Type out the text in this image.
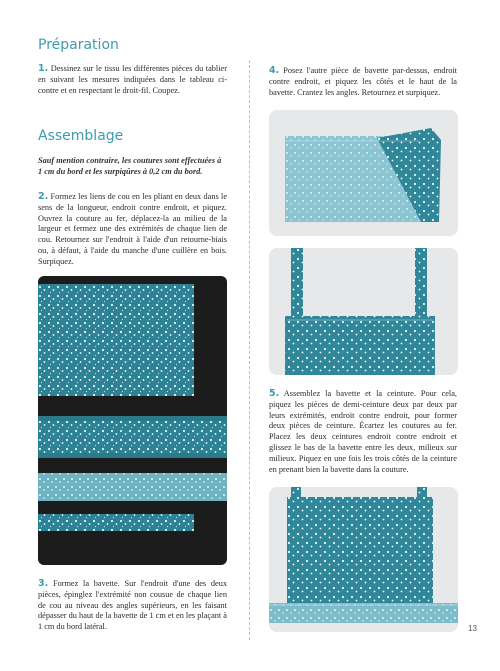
Préparation

1. Dessinez sur le tissu les différentes pièces du tablier en suivant les mesures indiquées dans le tableau ci-contre et en respectant le droit-fil. Coupez.

Assemblage

Sauf mention contraire, les coutures sont effectuées à 1 cm du bord et les surpiqûres à 0,2 cm du bord.

2. Formez les liens de cou en les pliant en deux dans le sens de la longueur, endroit contre endroit, et piquez. Ouvrez la couture au fer, déplacez-la au milieu de la largeur et fermez une des extrémités de chaque lien de cou. Retournez sur l'endroit à l'aide d'un retourne-biais ou, à défaut, à l'aide du manche d'une cuillère en bois. Surpiquez.

3. Formez la bavette. Sur l'endroit d'une des deux pièces, épinglez l'extrémité non cousue de chaque lien de cou au niveau des angles supérieurs, en les faisant dépasser du haut de la bavette de 1 cm et en les plaçant à 1 cm du bord latéral.

4. Posez l'autre pièce de bavette par-dessus, endroit contre endroit, et piquez les côtés et le haut de la bavette. Crantez les angles. Retournez et surpiquez.

5. Assemblez la bavette et la ceinture. Pour cela, piquez les pièces de demi-ceinture deux par deux par leurs extrémités, endroit contre endroit, pour former deux pièces de ceinture. Écartez les coutures au fer. Placez les deux ceintures endroit contre endroit et glissez le bas de la bavette entre les deux, milieux sur milieux. Piquez en une fois les trois côtés de la ceinture en prenant bien la bavette dans la couture.

13
